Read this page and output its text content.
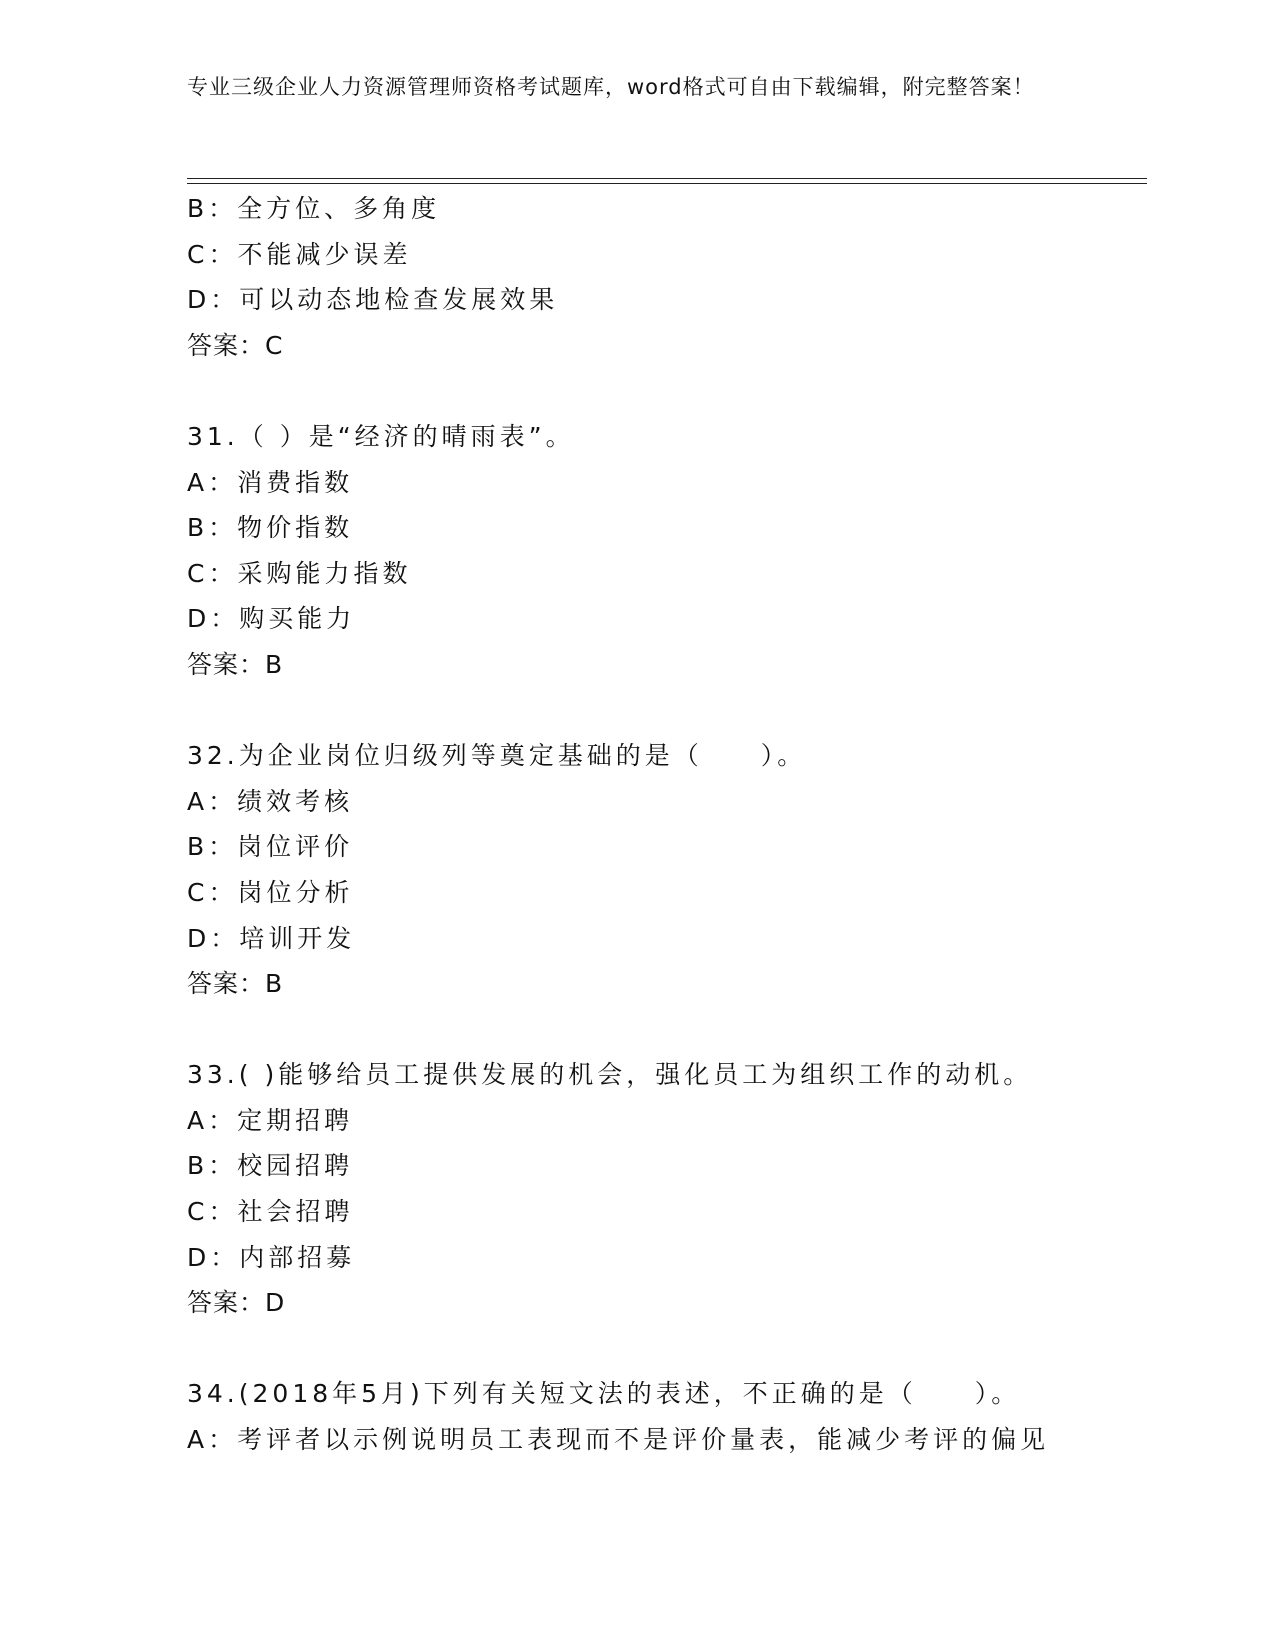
专业三级企业人力资源管理师资格考试题库，word格式可自由下载编辑，附完整答案！
B：全方位、多角度
C：不能减少误差
D：可以动态地检查发展效果
答案：C
31.（ ）是“经济的晴雨表”。
A：消费指数
B：物价指数
C：采购能力指数
D：购买能力
答案：B
32.为企业岗位归级列等奠定基础的是（　　）。
A：绩效考核
B：岗位评价
C：岗位分析
D：培训开发
答案：B
33.( )能够给员工提供发展的机会，强化员工为组织工作的动机。
A：定期招聘
B：校园招聘
C：社会招聘
D：内部招募
答案：D
34.(2018年5月)下列有关短文法的表述，不正确的是（　　）。
A：考评者以示例说明员工表现而不是评价量表，能减少考评的偏见
